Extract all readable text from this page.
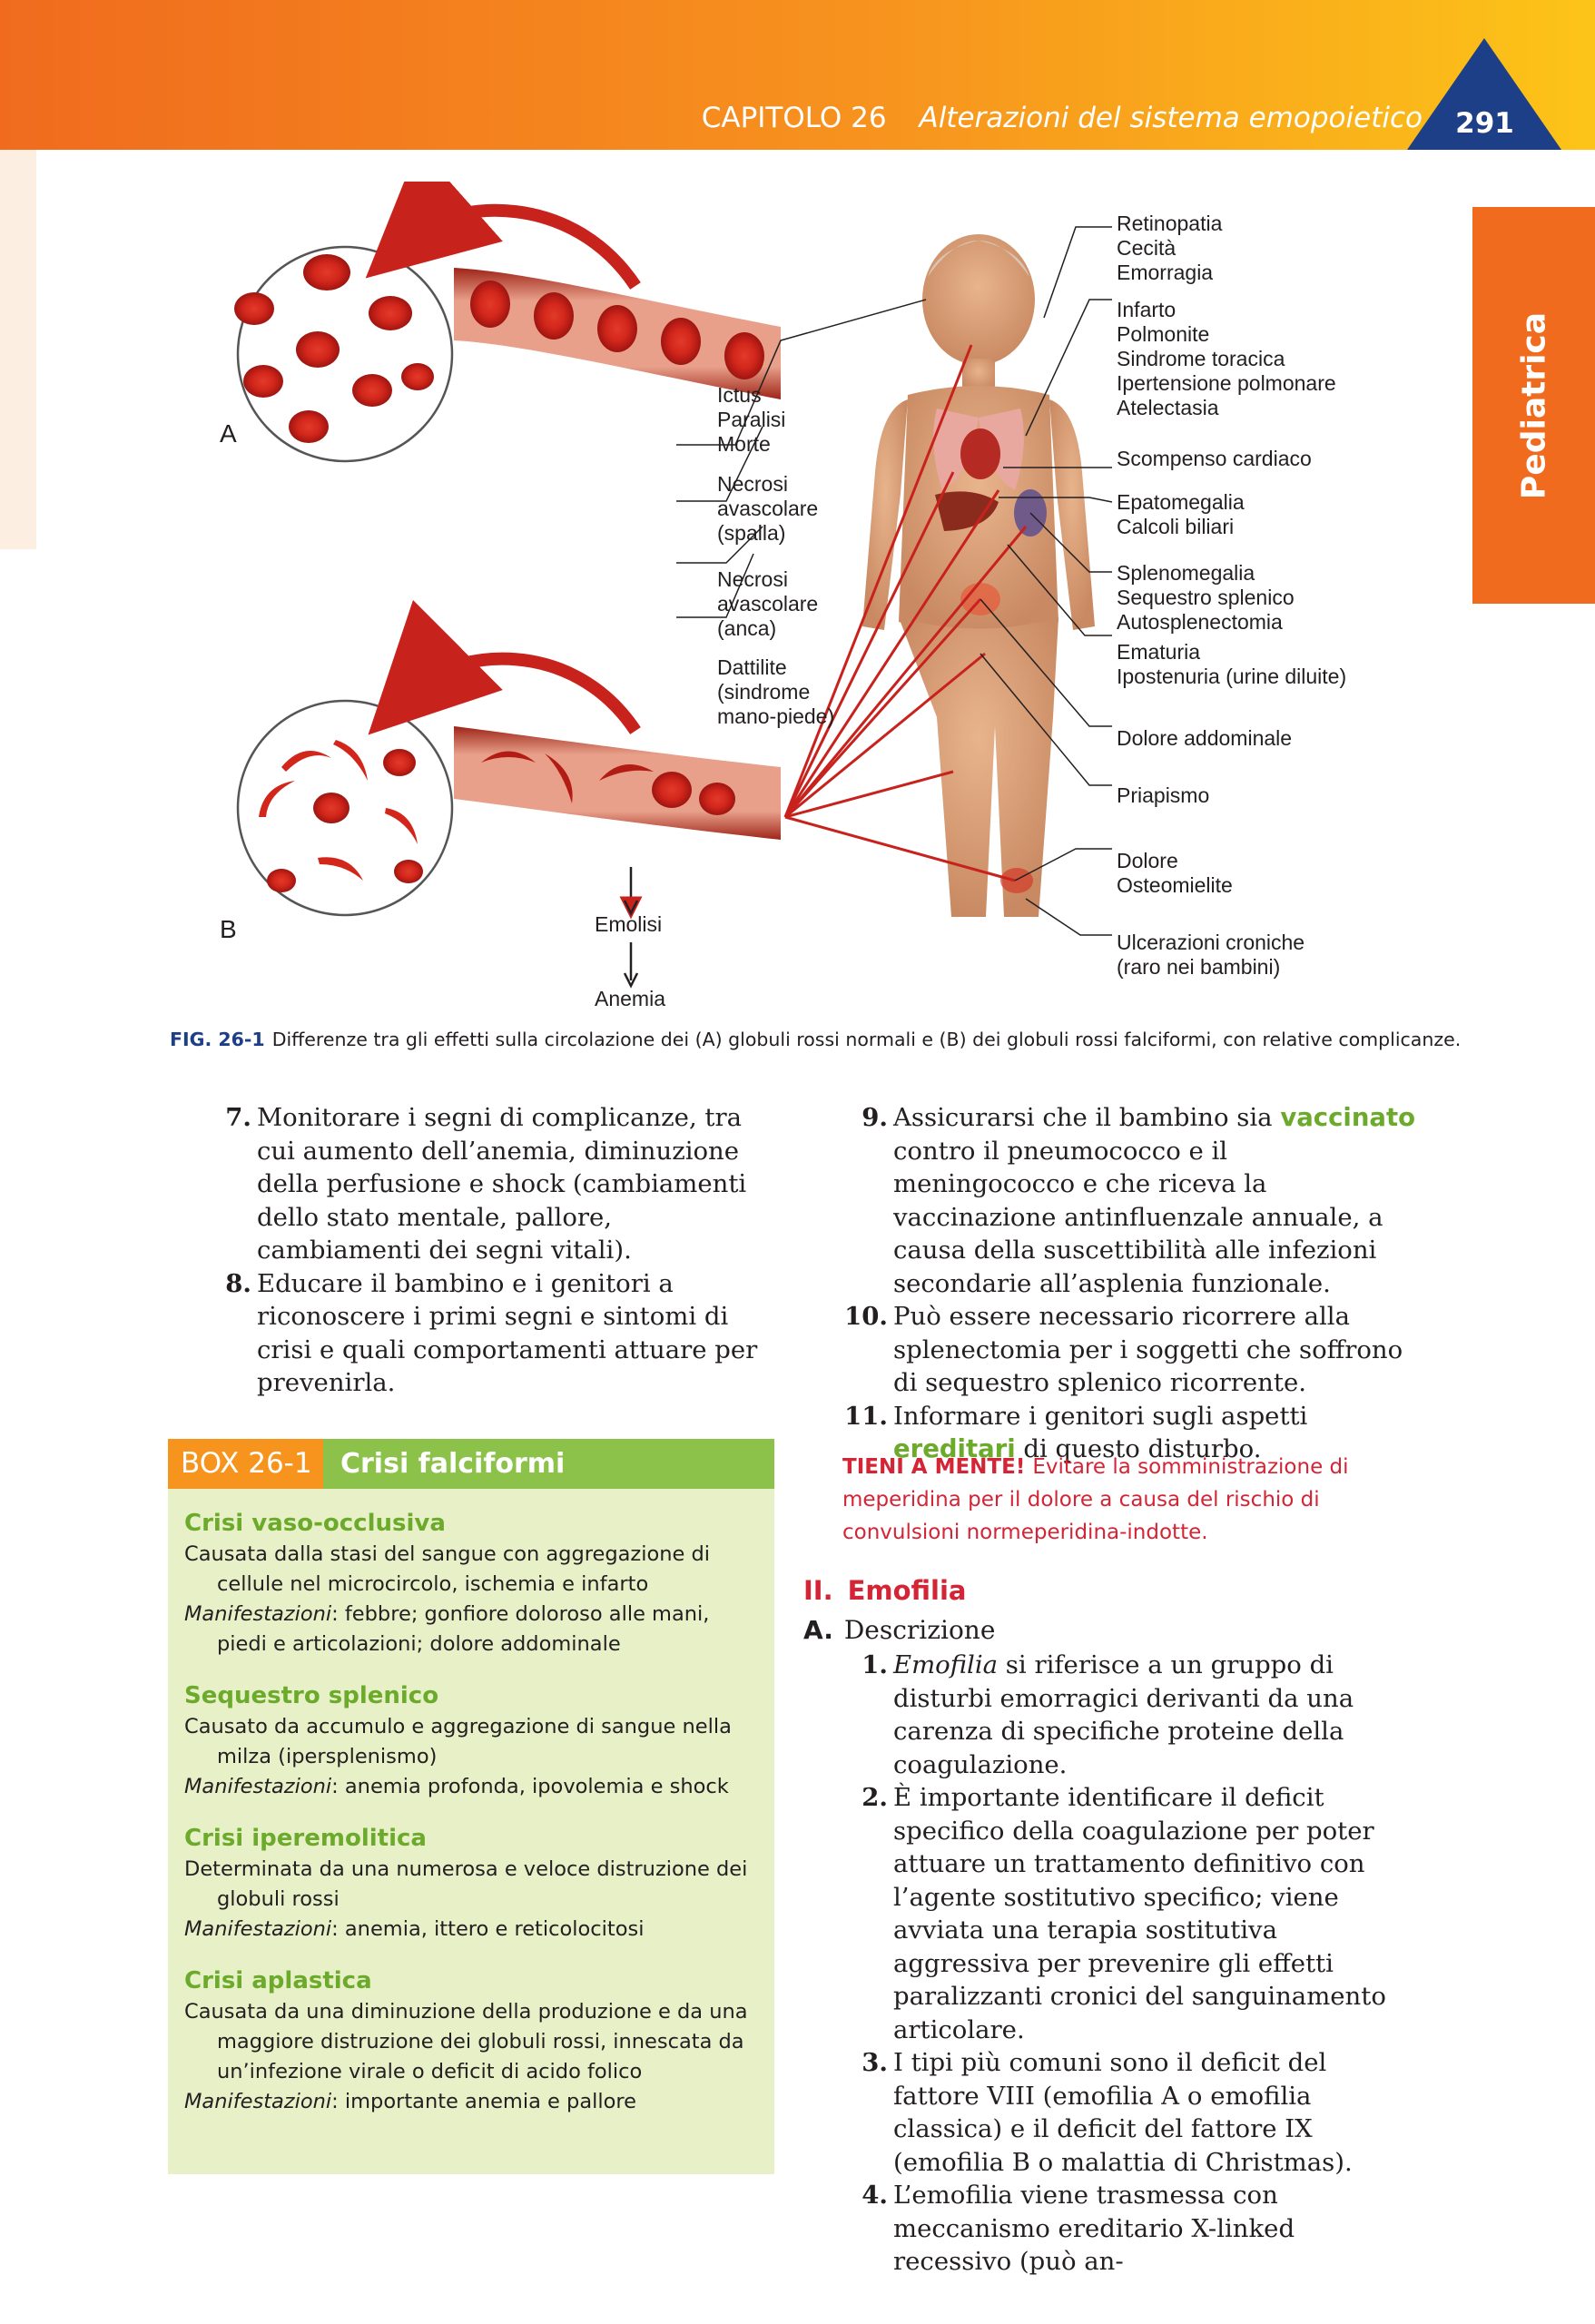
CAPITOLO 26 Alterazioni del sistema emopoietico	291
Pediatrica
A
B	Emolisi
Anemia
Ictus
Paralisi
Morte
Necrosi
avascolare
(spalla)
Necrosi
avascolare
(anca)
Dattilite
(sindrome
mano-piede)
Retinopatia
Cecità
Emorragia
Infarto
Polmonite
Sindrome toracica
Ipertensione polmonare
Atelectasia
Scompenso cardiaco
Epatomegalia
Calcoli biliari
Splenomegalia
Sequestro splenico
Autosplenectomia
Ematuria
Ipostenuria (urine diluite)
Dolore addominale
Priapismo
Dolore
Osteomielite
Ulcerazioni croniche
(raro nei bambini)
FIG. 26-1 Differenze tra gli effetti sulla circolazione dei (A) globuli rossi normali e (B) dei globuli rossi falciformi, con relative complicanze.
7. Monitorare i segni di complicanze, tra cui aumento dell’anemia, diminuzione della perfusione e shock (cambiamenti dello stato mentale, pallore, cambiamenti dei segni vitali).
8. Educare il bambino e i genitori a riconoscere i primi segni e sintomi di crisi e quali comportamenti attuare per prevenirla.
BOX 26-1	Crisi falciformi
Crisi vaso-occlusiva
Causata dalla stasi del sangue con aggregazione di cellule nel microcircolo, ischemia e infarto
Manifestazioni: febbre; gonfiore doloroso alle mani, piedi e articolazioni; dolore addominale
Sequestro splenico
Causato da accumulo e aggregazione di sangue nella milza (ipersplenismo)
Manifestazioni: anemia profonda, ipovolemia e shock
Crisi iperemolitica
Determinata da una numerosa e veloce distruzione dei globuli rossi
Manifestazioni: anemia, ittero e reticolocitosi
Crisi aplastica
Causata da una diminuzione della produzione e da una maggiore distruzione dei globuli rossi, innescata da un’infezione virale o deficit di acido folico
Manifestazioni: importante anemia e pallore
9. Assicurarsi che il bambino sia vaccinato contro il pneumococco e il meningococco e che riceva la vaccinazione antinfluenzale annuale, a causa della suscettibilità alle infezioni secondarie all’asplenia funzionale.
10. Può essere necessario ricorrere alla splenectomia per i soggetti che soffrono di sequestro splenico ricorrente.
11. Informare i genitori sugli aspetti ereditari di questo disturbo.
TIENI A MENTE! Evitare la somministrazione di meperidina per il dolore a causa del rischio di convulsioni normeperidina-indotte.
II. Emofilia
A. Descrizione
1. Emofilia si riferisce a un gruppo di disturbi emorragici derivanti da una carenza di specifiche proteine della coagulazione.
2. È importante identificare il deficit specifico della coagulazione per poter attuare un trattamento definitivo con l’agente sostitutivo specifico; viene avviata una terapia sostitutiva aggressiva per prevenire gli effetti paralizzanti cronici del sanguinamento articolare.
3. I tipi più comuni sono il deficit del fattore VIII (emofilia A o emofilia classica) e il deficit del fattore IX (emofilia B o malattia di Christmas).
4. L’emofilia viene trasmessa con meccanismo ereditario X-linked recessivo (può an-
